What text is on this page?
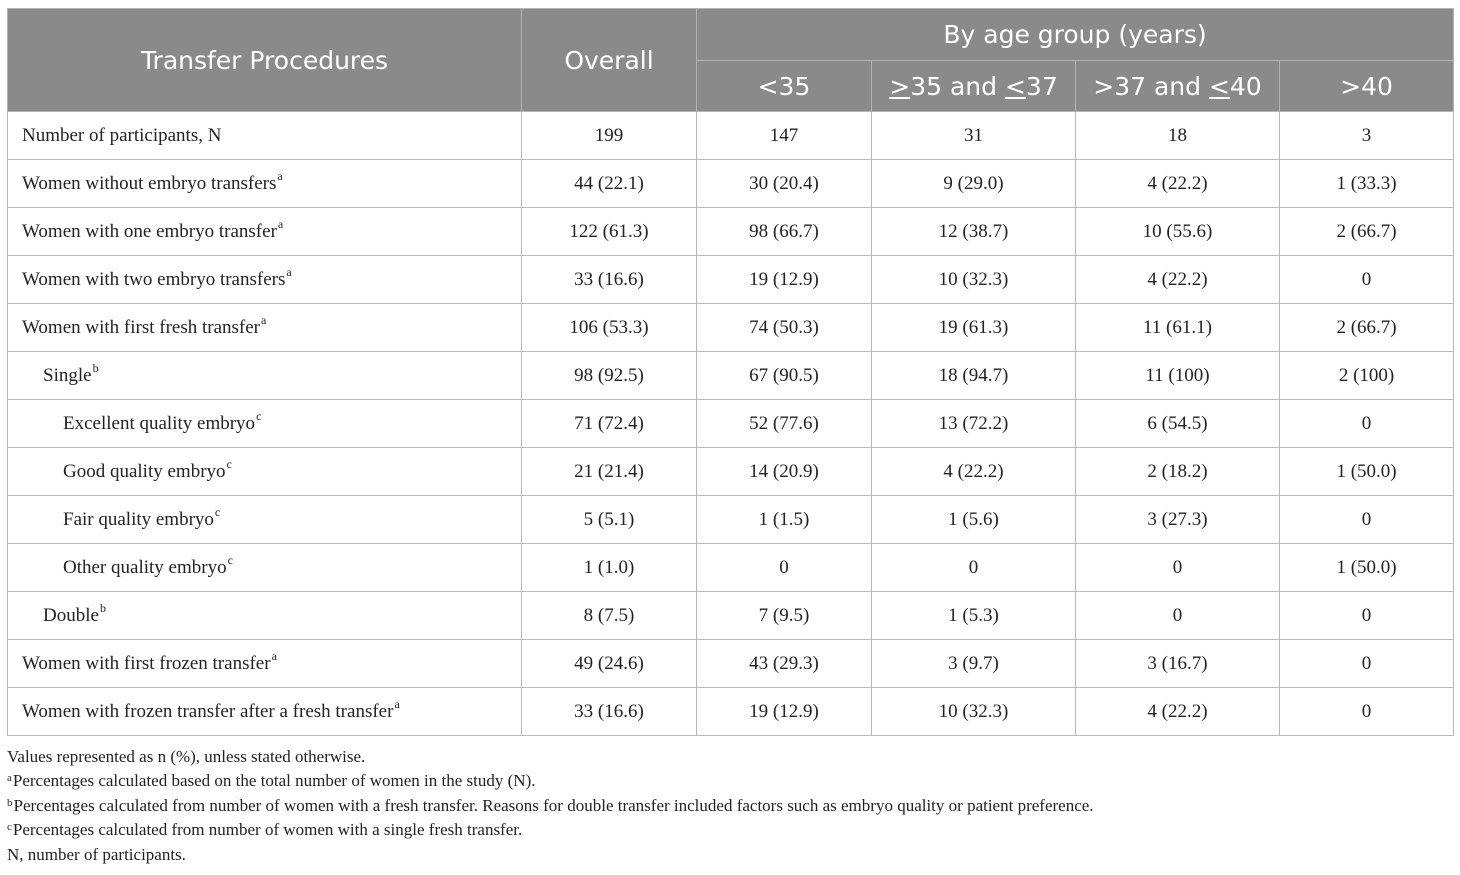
Transfer Procedures	Overall	By age group (years)			
		<35	>35 and <37	>37 and <40	>40
Number of participants, N	199	147	31	18	3
Women without embryo transfers$^a$	44 (22.1)	30 (20.4)	9 (29.0)	4 (22.2)	1 (33.3)
Women with one embryo transfer$^a$	122 (61.3)	98 (66.7)	12 (38.7)	10 (55.6)	2 (66.7)
Women with two embryo transfers$^a$	33 (16.6)	19 (12.9)	10 (32.3)	4 (22.2)	0
Women with first fresh transfer$^a$	106 (53.3)	74 (50.3)	19 (61.3)	11 (61.1)	2 (66.7)
Single$^b$	98 (92.5)	67 (90.5)	18 (94.7)	11 (100)	2 (100)
Excellent quality embryo$^c$	71 (72.4)	52 (77.6)	13 (72.2)	6 (54.5)	0
Good quality embryo$^c$	21 (21.4)	14 (20.9)	4 (22.2)	2 (18.2)	1 (50.0)
Fair quality embryo$^c$	5 (5.1)	1 (1.5)	1 (5.6)	3 (27.3)	0
Other quality embryo$^c$	1 (1.0)	0	0	0	1 (50.0)
Double$^b$	8 (7.5)	7 (9.5)	1 (5.3)	0	0
Women with first frozen transfer$^a$	49 (24.6)	43 (29.3)	3 (9.7)	3 (16.7)	0
Women with frozen transfer after a fresh transfer$^a$	33 (16.6)	19 (12.9)	10 (32.3)	4 (22.2)	0
Values represented as n (%), unless stated otherwise.
$^a$Percentages calculated based on the total number of women in the study (N).
$^b$Percentages calculated from number of women with a fresh transfer. Reasons for double transfer included factors such as embryo quality or patient preference.
$^c$Percentages calculated from number of women with a single fresh transfer.
N, number of participants.
